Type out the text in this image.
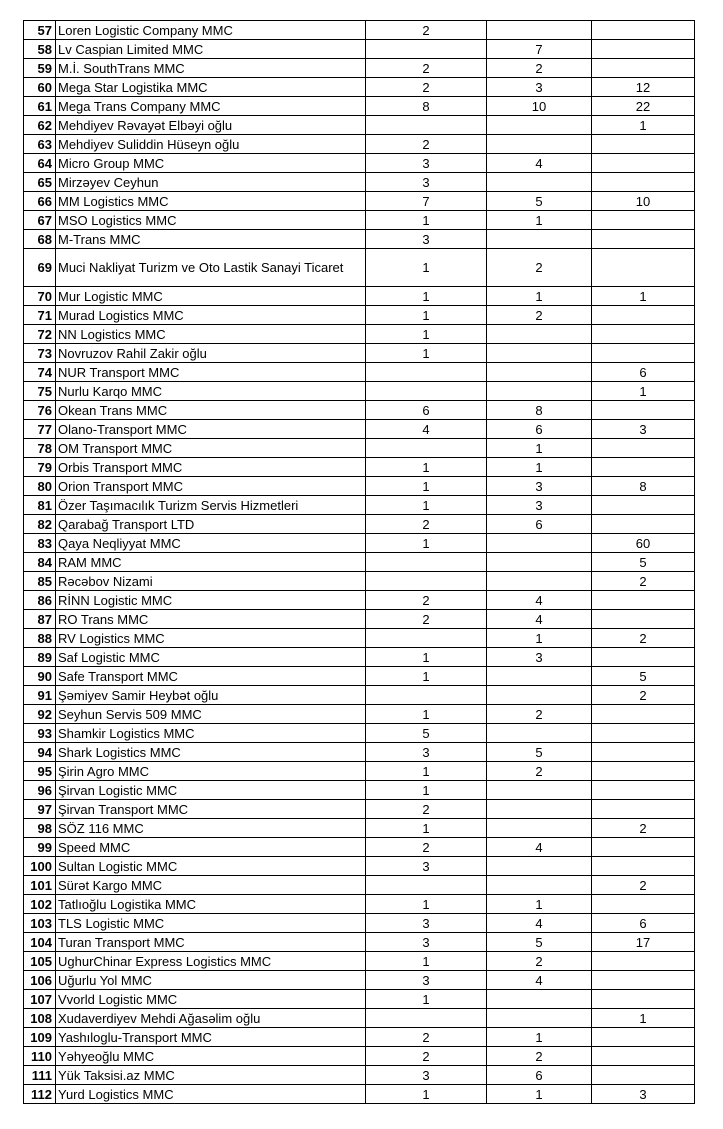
57	Loren Logistic Company MMC	2		
58	Lv Caspian Limited MMC		7	
59	M.İ. SouthTrans MMC	2	2	
60	Mega Star Logistika MMC	2	3	12
61	Mega Trans Company MMC	8	10	22
62	Mehdiyev Rəvayət Elbəyi oğlu			1
63	Mehdiyev Suliddin Hüseyn oğlu	2		
64	Micro Group MMC	3	4	
65	Mirzəyev Ceyhun	3		
66	MM Logistics MMC	7	5	10
67	MSO Logistics MMC	1	1	
68	M-Trans MMC	3		
69	Muci Nakliyat Turizm ve Oto Lastik Sanayi Ticaret	1	2	
70	Mur Logistic MMC	1	1	1
71	Murad Logistics MMC	1	2	
72	NN Logistics MMC	1		
73	Novruzov Rahil Zakir oğlu	1		
74	NUR Transport MMC			6
75	Nurlu Karqo MMC			1
76	Okean Trans MMC	6	8	
77	Olano-Transport MMC	4	6	3
78	OM Transport MMC		1	
79	Orbis Transport MMC	1	1	
80	Orion Transport MMC	1	3	8
81	Özer Taşımacılık Turizm Servis Hizmetleri	1	3	
82	Qarabağ Transport LTD	2	6	
83	Qaya Neqliyyat MMC	1		60
84	RAM MMC			5
85	Rəcəbov Nizami			2
86	RİNN Logistic MMC	2	4	
87	RO Trans MMC	2	4	
88	RV Logistics MMC		1	2
89	Saf Logistic MMC	1	3	
90	Safe Transport MMC	1		5
91	Şəmiyev Samir Heybət oğlu			2
92	Seyhun Servis 509 MMC	1	2	
93	Shamkir Logistics MMC	5		
94	Shark Logistics MMC	3	5	
95	Şirin Agro MMC	1	2	
96	Şirvan Logistic MMC	1		
97	Şirvan Transport MMC	2		
98	SÖZ 116 MMC	1		2
99	Speed MMC	2	4	
100	Sultan Logistic MMC	3		
101	Sürət Kargo MMC			2
102	Tatlıoğlu Logistika MMC	1	1	
103	TLS Logistic MMC	3	4	6
104	Turan Transport MMC	3	5	17
105	UghurChinar Express Logistics MMC	1	2	
106	Uğurlu Yol MMC	3	4	
107	Vvorld Logistic MMC	1		
108	Xudaverdiyev Mehdi Ağasəlim oğlu			1
109	Yashıloglu-Transport MMC	2	1	
110	Yəhyeoğlu MMC	2	2	
111	Yük Taksisi.az MMC	3	6	
112	Yurd Logistics MMC	1	1	3
